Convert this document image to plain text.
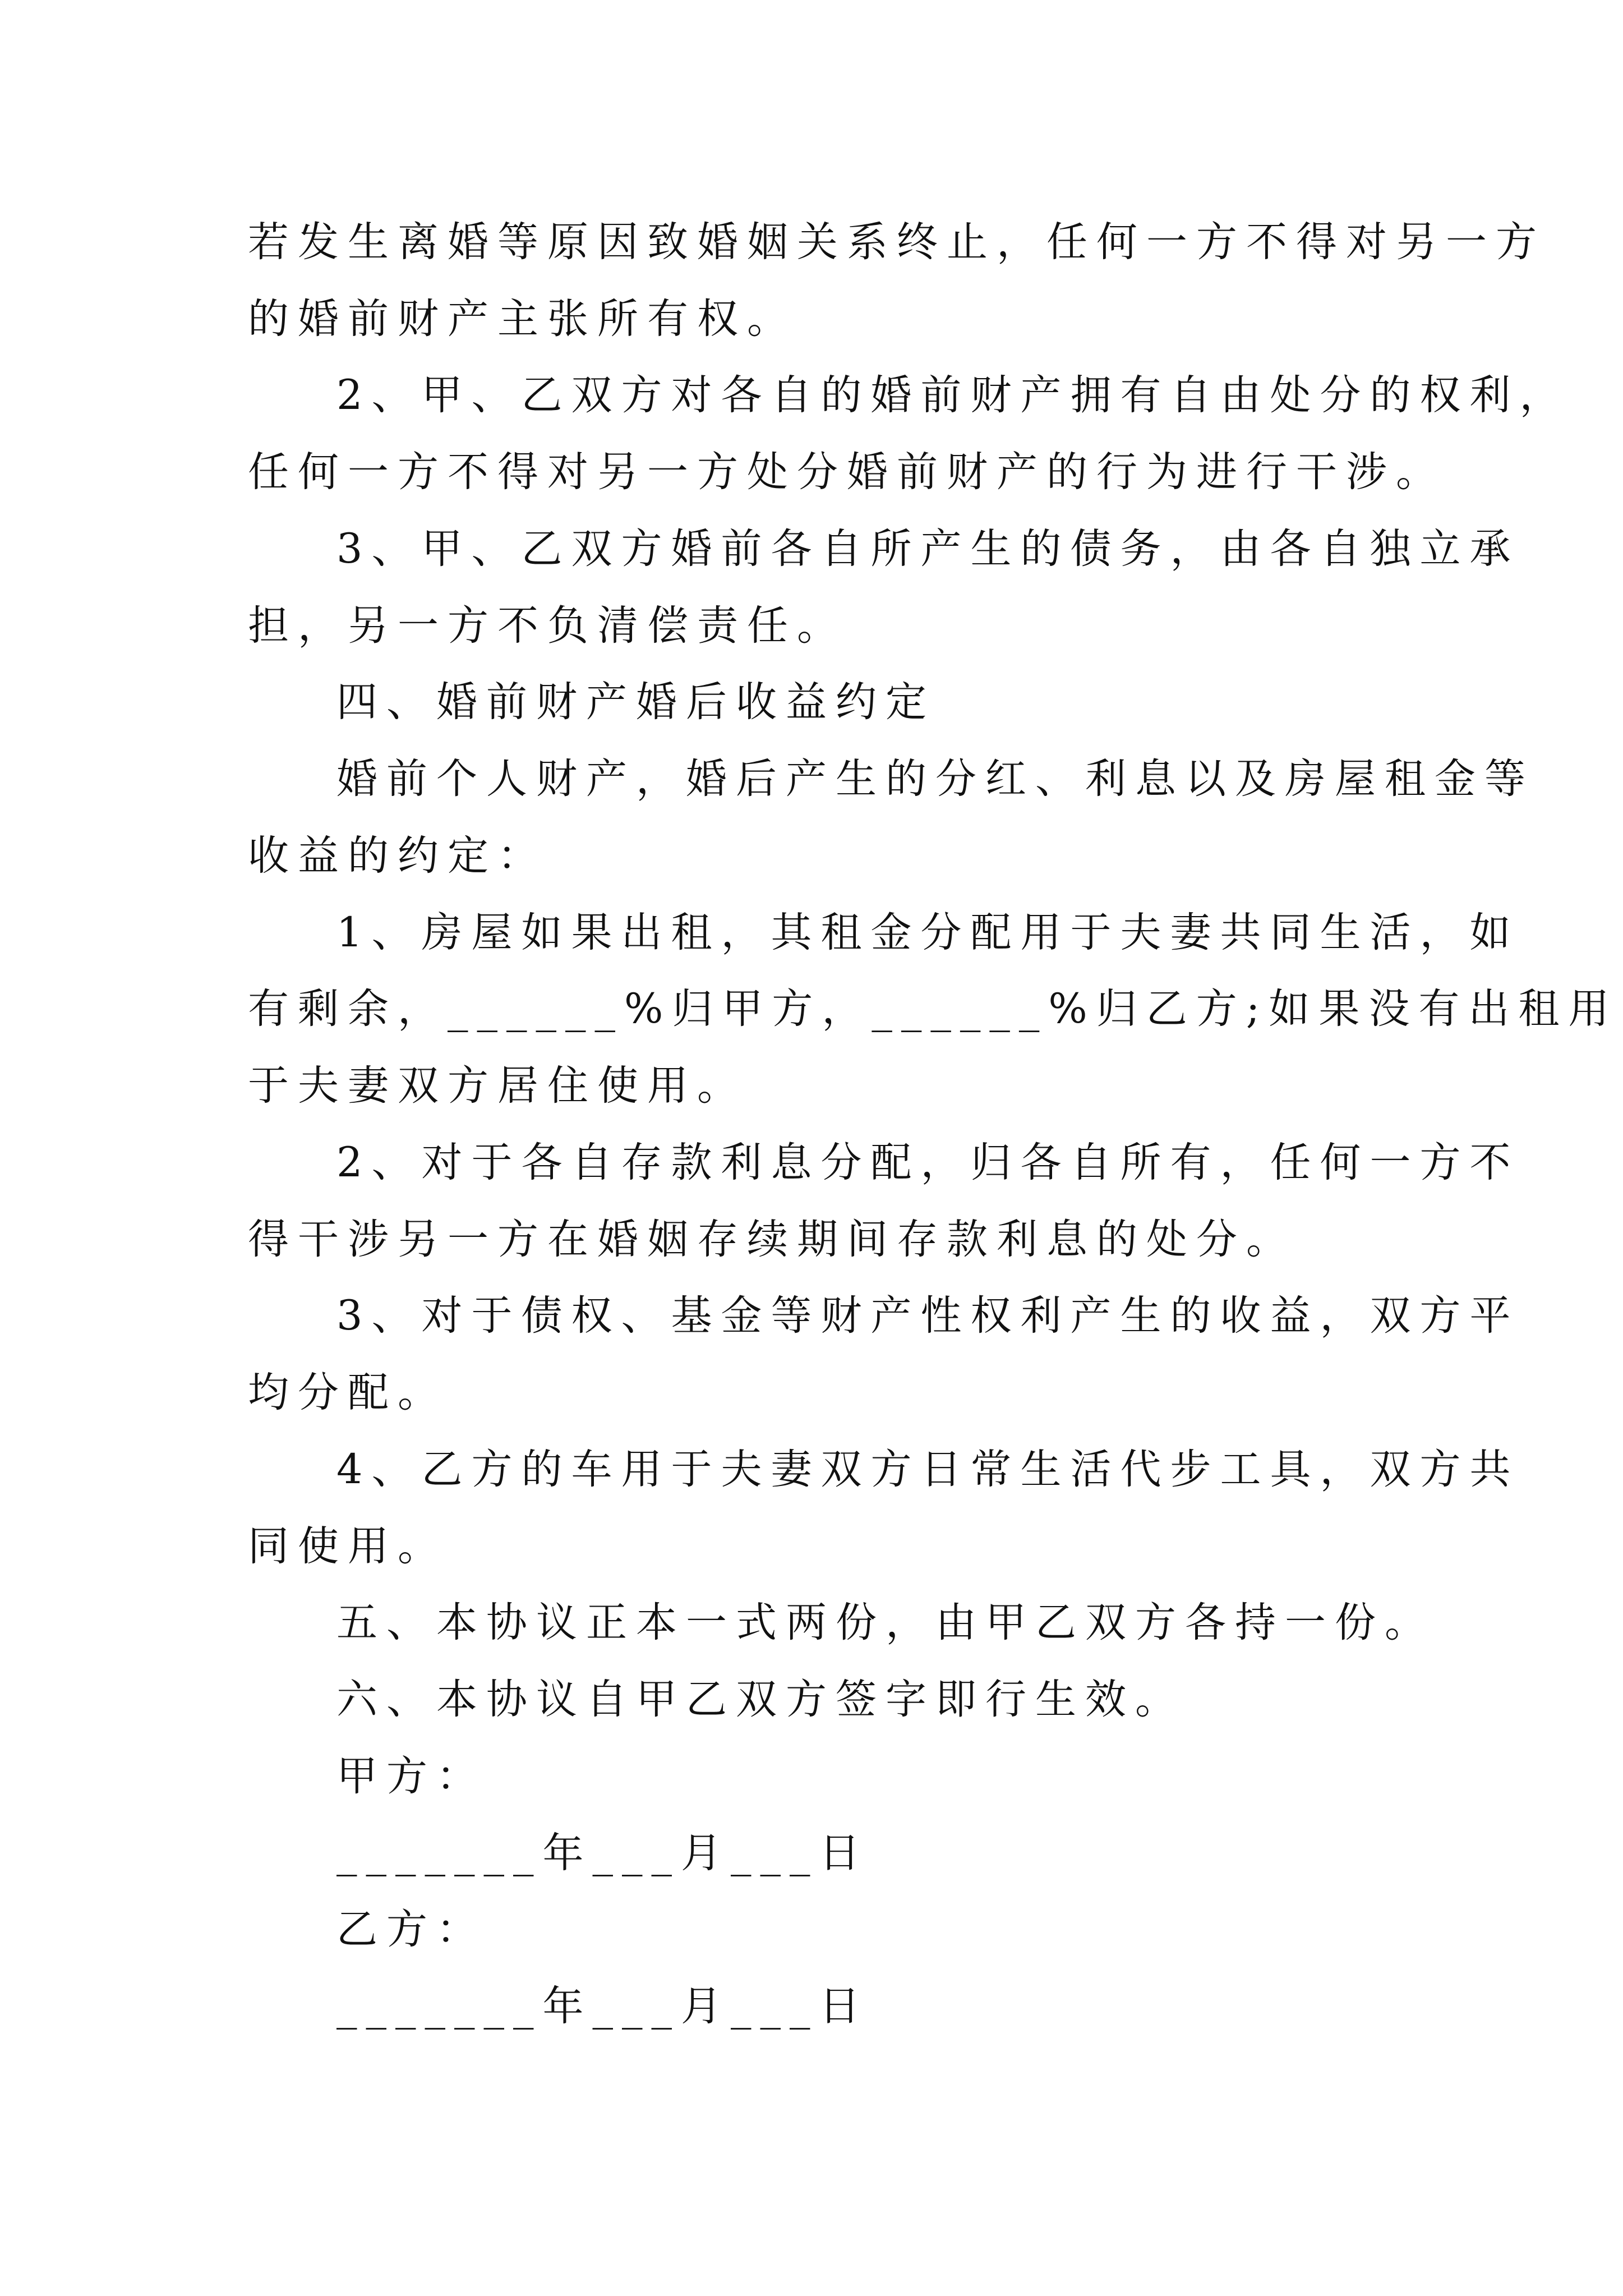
若发生离婚等原因致婚姻关系终止，任何一方不得对另一方
的婚前财产主张所有权。
2、甲、乙双方对各自的婚前财产拥有自由处分的权利，
任何一方不得对另一方处分婚前财产的行为进行干涉。
3、甲、乙双方婚前各自所产生的债务，由各自独立承
担，另一方不负清偿责任。
四、婚前财产婚后收益约定
婚前个人财产，婚后产生的分红、利息以及房屋租金等
收益的约定：
1、房屋如果出租，其租金分配用于夫妻共同生活，如
有剩余，______%归甲方，______%归乙方;如果没有出租用
于夫妻双方居住使用。
2、对于各自存款利息分配，归各自所有，任何一方不
得干涉另一方在婚姻存续期间存款利息的处分。
3、对于债权、基金等财产性权利产生的收益，双方平
均分配。
4、乙方的车用于夫妻双方日常生活代步工具，双方共
同使用。
五、本协议正本一式两份，由甲乙双方各持一份。
六、本协议自甲乙双方签字即行生效。
甲方：
_______年___月___日
乙方：
_______年___月___日
